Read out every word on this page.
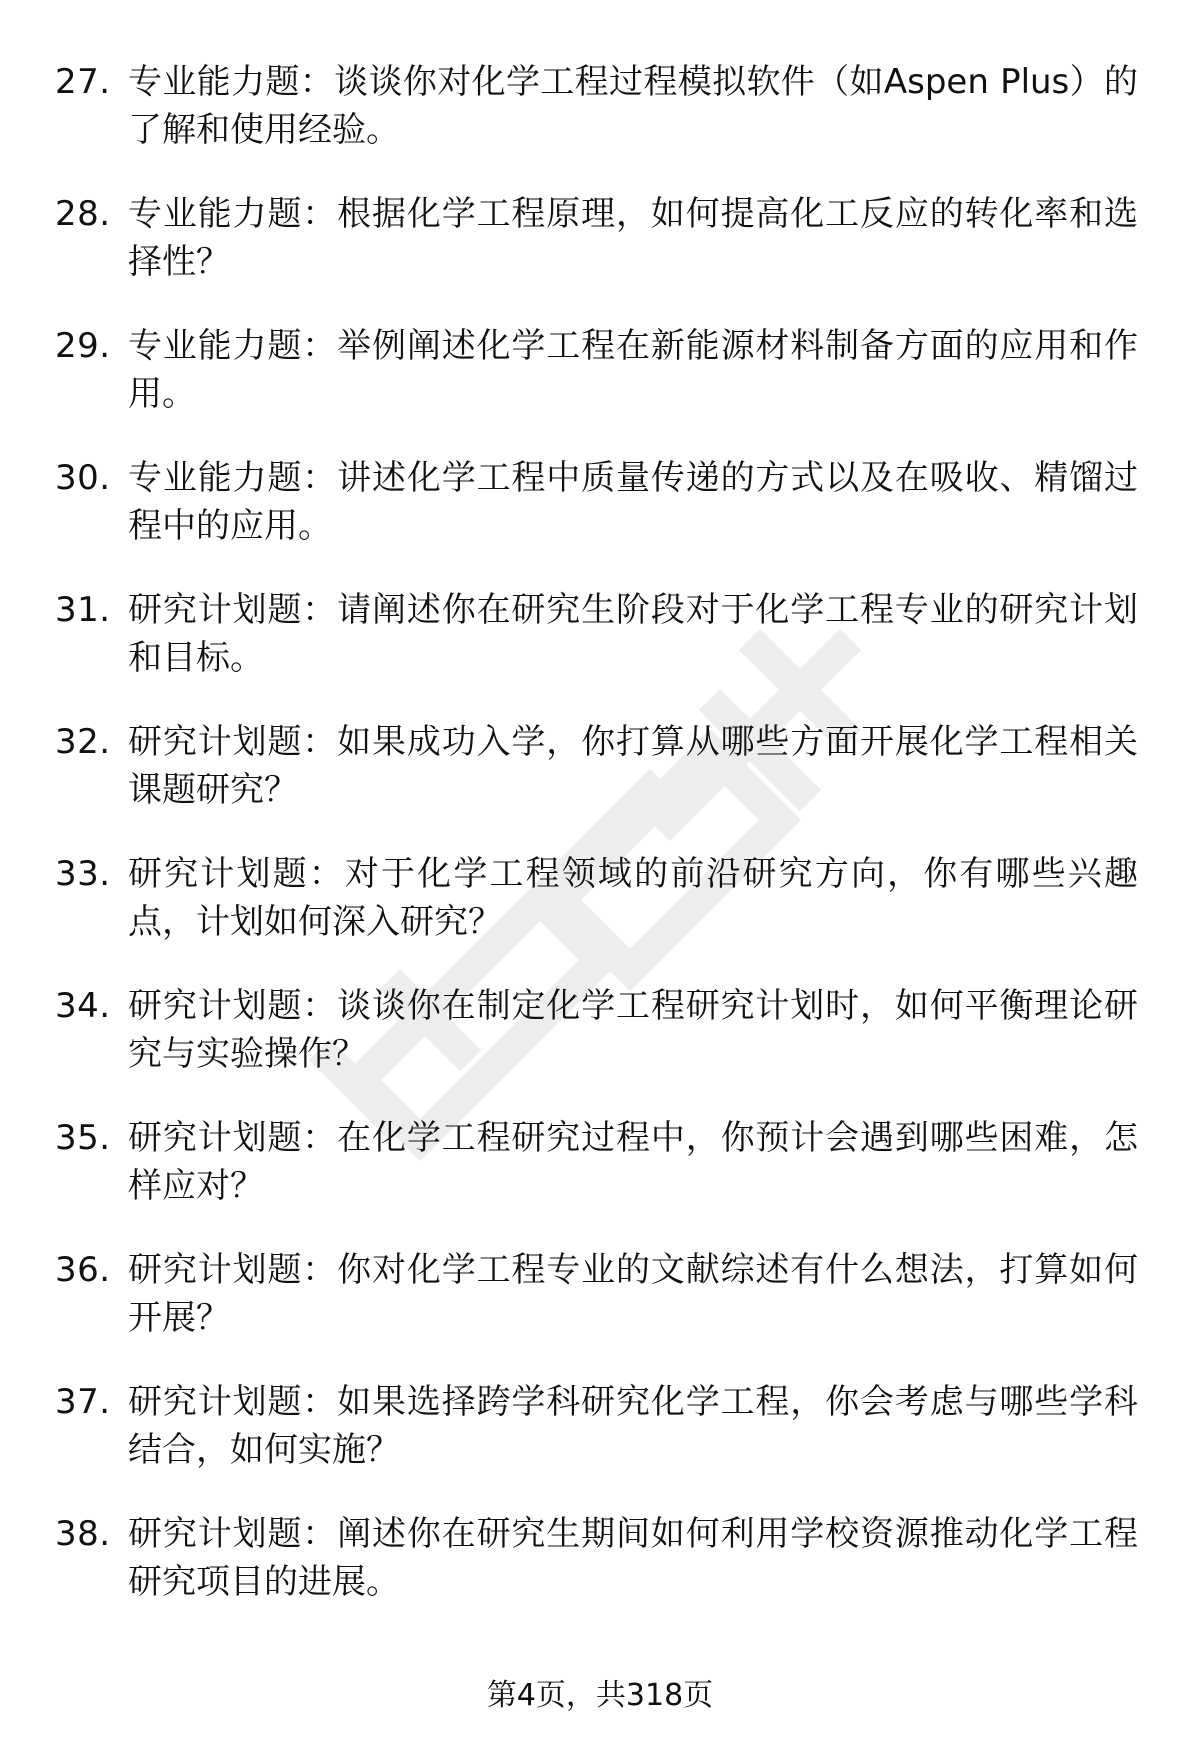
27. 专业能力题：谈谈你对化学工程过程模拟软件（如Aspen Plus）的了解和使用经验。
28. 专业能力题：根据化学工程原理，如何提高化工反应的转化率和选择性？
29. 专业能力题：举例阐述化学工程在新能源材料制备方面的应用和作用。
30. 专业能力题：讲述化学工程中质量传递的方式以及在吸收、精馏过程中的应用。
31. 研究计划题：请阐述你在研究生阶段对于化学工程专业的研究计划和目标。
32. 研究计划题：如果成功入学，你打算从哪些方面开展化学工程相关课题研究？
33. 研究计划题：对于化学工程领域的前沿研究方向，你有哪些兴趣点，计划如何深入研究？
34. 研究计划题：谈谈你在制定化学工程研究计划时，如何平衡理论研究与实验操作？
35. 研究计划题：在化学工程研究过程中，你预计会遇到哪些困难，怎样应对？
36. 研究计划题：你对化学工程专业的文献综述有什么想法，打算如何开展？
37. 研究计划题：如果选择跨学科研究化学工程，你会考虑与哪些学科结合，如何实施？
38. 研究计划题：阐述你在研究生期间如何利用学校资源推动化学工程研究项目的进展。
第4页，共318页
